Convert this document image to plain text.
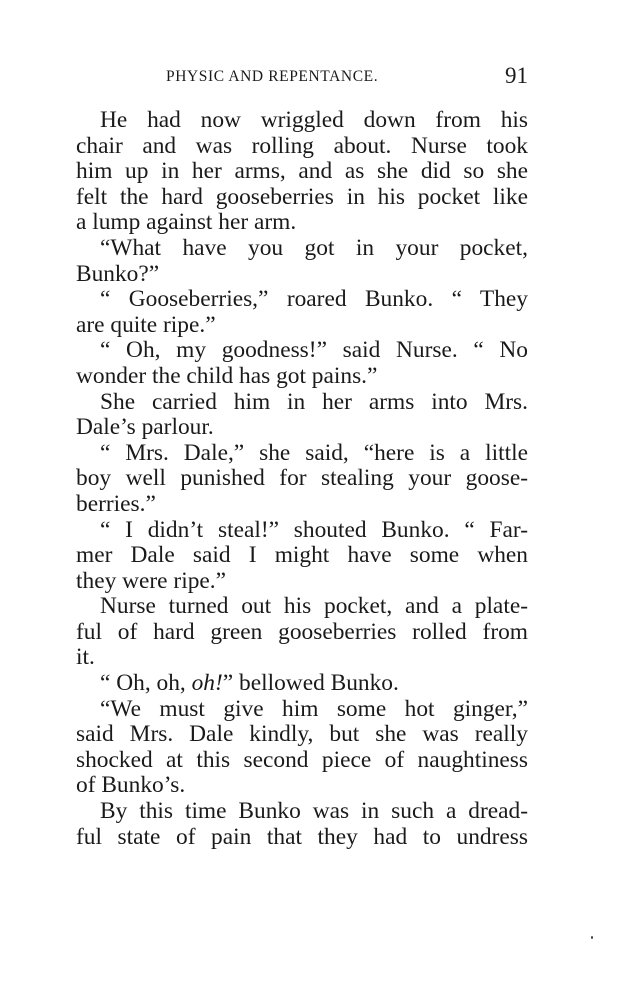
PHYSIC AND REPENTANCE.	91
He had now wriggled down from his
chair and was rolling about. Nurse took
him up in her arms, and as she did so she
felt the hard gooseberries in his pocket like
a lump against her arm.
“What have you got in your pocket,
Bunko?”
“ Gooseberries,” roared Bunko. “ They
are quite ripe.”
“ Oh, my goodness!” said Nurse. “ No
wonder the child has got pains.”
She carried him in her arms into Mrs.
Dale’s parlour.
“ Mrs. Dale,” she said, “here is a little
boy well punished for stealing your goose-
berries.”
“ I didn’t steal!” shouted Bunko. “ Far-
mer Dale said I might have some when
they were ripe.”
Nurse turned out his pocket, and a plate-
ful of hard green gooseberries rolled from
it.
“ Oh, oh, oh!” bellowed Bunko.
“We must give him some hot ginger,”
said Mrs. Dale kindly, but she was really
shocked at this second piece of naughtiness
of Bunko’s.
By this time Bunko was in such a dread-
ful state of pain that they had to undress
